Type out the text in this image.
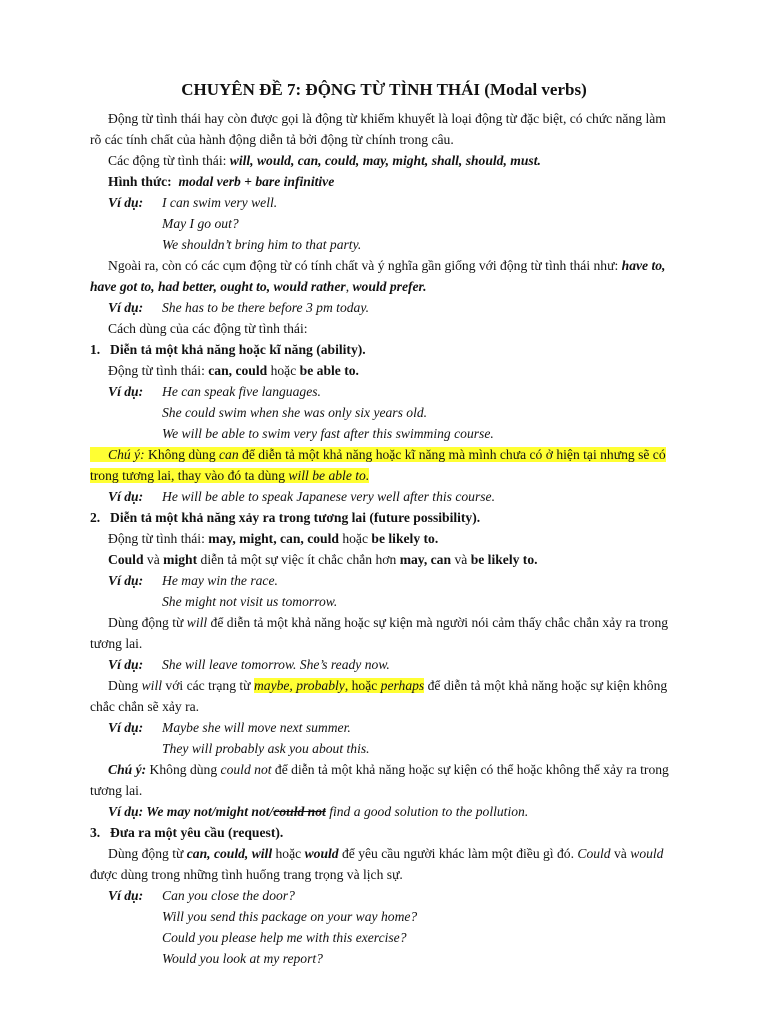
CHUYÊN ĐỀ 7: ĐỘNG TỪ TÌNH THÁI (Modal verbs)

Động từ tình thái hay còn được gọi là động từ khiếm khuyết là loại động từ đặc biệt, có chức năng làm rõ các tính chất của hành động diễn tả bởi động từ chính trong câu.

Các động từ tình thái: will, would, can, could, may, might, shall, should, must.

Hình thức: modal verb + bare infinitive

Ví dụ:	I can swim very well.
May I go out?
We shouldn’t bring him to that party.

Ngoài ra, còn có các cụm động từ có tính chất và ý nghĩa gần giống với động từ tình thái như: have to, have got to, had better, ought to, would rather, would prefer.

Ví dụ:	She has to be there before 3 pm today.

Cách dùng của các động từ tình thái:

1. Diễn tả một khả năng hoặc kĩ năng (ability).

Động từ tình thái: can, could hoặc be able to.

Ví dụ:	He can speak five languages.
She could swim when she was only six years old.
We will be able to swim very fast after this swimming course.

Chú ý: Không dùng can để diễn tả một khả năng hoặc kĩ năng mà mình chưa có ở hiện tại nhưng sẽ có trong tương lai, thay vào đó ta dùng will be able to.

Ví dụ:	He will be able to speak Japanese very well after this course.

2. Diễn tả một khả năng xảy ra trong tương lai (future possibility).

Động từ tình thái: may, might, can, could hoặc be likely to.

Could và might diễn tả một sự việc ít chắc chắn hơn may, can và be likely to.

Ví dụ:	He may win the race.
She might not visit us tomorrow.

Dùng động từ will để diễn tả một khả năng hoặc sự kiện mà người nói cảm thấy chắc chắn xảy ra trong tương lai.

Ví dụ:	She will leave tomorrow. She’s ready now.

Dùng will với các trạng từ maybe, probably, hoặc perhaps để diễn tả một khả năng hoặc sự kiện không chắc chắn sẽ xảy ra.

Ví dụ:	Maybe she will move next summer.
They will probably ask you about this.

Chú ý: Không dùng could not để diễn tả một khả năng hoặc sự kiện có thể hoặc không thể xảy ra trong tương lai.

Ví dụ: We may not/might not/could not find a good solution to the pollution.

3. Đưa ra một yêu cầu (request).

Dùng động từ can, could, will hoặc would để yêu cầu người khác làm một điều gì đó. Could và would được dùng trong những tình huống trang trọng và lịch sự.

Ví dụ:	Can you close the door?
Will you send this package on your way home?
Could you please help me with this exercise?
Would you look at my report?
